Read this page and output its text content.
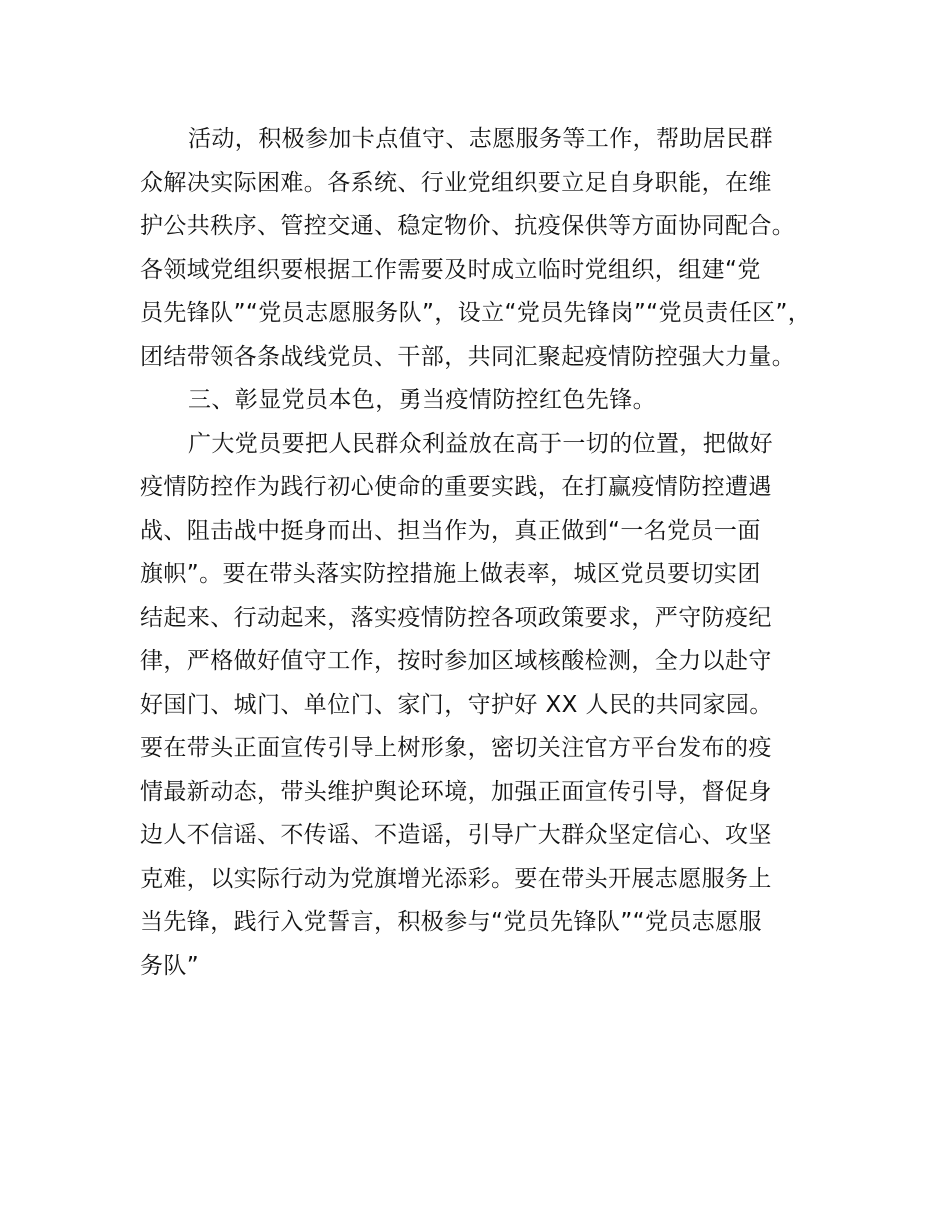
活动，积极参加卡点值守、志愿服务等工作，帮助居民群
众解决实际困难。各系统、行业党组织要立足自身职能，在维
护公共秩序、管控交通、稳定物价、抗疫保供等方面协同配合。
各领域党组织要根据工作需要及时成立临时党组织，组建“党
员先锋队”“党员志愿服务队”，设立“党员先锋岗”“党员责任区”，
团结带领各条战线党员、干部，共同汇聚起疫情防控强大力量。

三、彰显党员本色，勇当疫情防控红色先锋。

广大党员要把人民群众利益放在高于一切的位置，把做好
疫情防控作为践行初心使命的重要实践，在打赢疫情防控遭遇
战、阻击战中挺身而出、担当作为，真正做到“一名党员一面
旗帜”。要在带头落实防控措施上做表率，城区党员要切实团
结起来、行动起来，落实疫情防控各项政策要求，严守防疫纪
律，严格做好值守工作，按时参加区域核酸检测，全力以赴守
好国门、城门、单位门、家门，守护好 XX 人民的共同家园。
要在带头正面宣传引导上树形象，密切关注官方平台发布的疫
情最新动态，带头维护舆论环境，加强正面宣传引导，督促身
边人不信谣、不传谣、不造谣，引导广大群众坚定信心、攻坚
克难，以实际行动为党旗增光添彩。要在带头开展志愿服务上
当先锋，践行入党誓言，积极参与“党员先锋队”“党员志愿服
务队”
